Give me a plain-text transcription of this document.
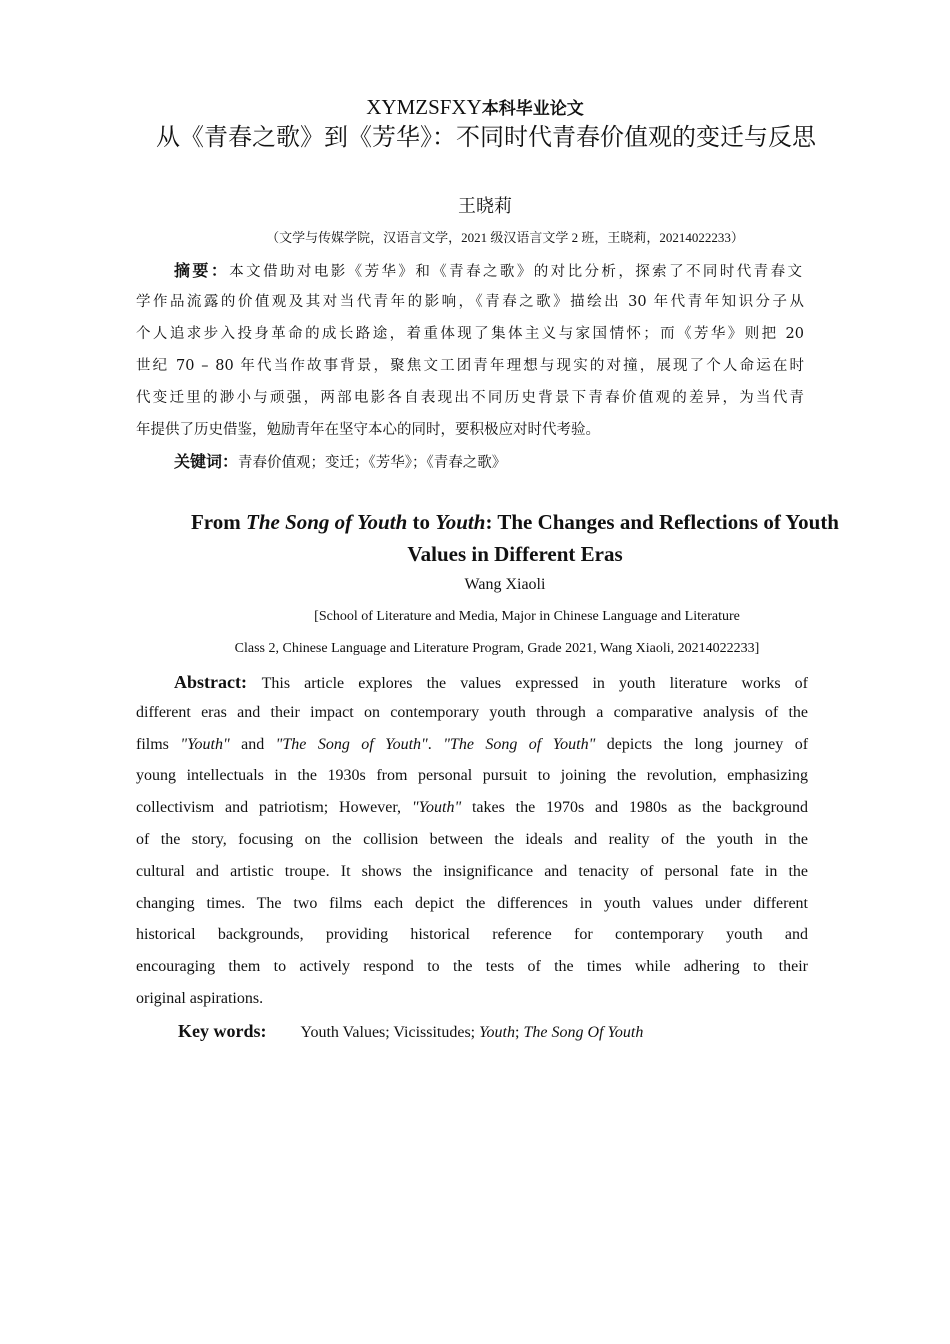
XYMZSFXY本科毕业论文
从《青春之歌》到《芳华》：不同时代青春价值观的变迁与反思
王晓莉
（文学与传媒学院，汉语言文学，2021 级汉语言文学 2 班，王晓莉，20214022233）
摘要：本文借助对电影《芳华》和《青春之歌》的对比分析，探索了不同时代青春文
学作品流露的价值观及其对当代青年的影响，《青春之歌》描绘出 30 年代青年知识分子从
个人追求步入投身革命的成长路途，着重体现了集体主义与家国情怀；而《芳华》则把 20
世纪 70 – 80 年代当作故事背景，聚焦文工团青年理想与现实的对撞，展现了个人命运在时
代变迁里的渺小与顽强，两部电影各自表现出不同历史背景下青春价值观的差异，为当代青
年提供了历史借鉴，勉励青年在坚守本心的同时，要积极应对时代考验。
关键词：青春价值观；变迁；《芳华》；《青春之歌》
From The Song of Youth to Youth: The Changes and Reflections of Youth Values in Different Eras
Wang Xiaoli
[School of Literature and Media, Major in Chinese Language and Literature
Class 2, Chinese Language and Literature Program, Grade 2021, Wang Xiaoli, 20214022233]
Abstract: This article explores the values expressed in youth literature works of
different eras and their impact on contemporary youth through a comparative analysis of the
films "Youth" and "The Song of Youth". "The Song of Youth" depicts the long journey of
young intellectuals in the 1930s from personal pursuit to joining the revolution, emphasizing
collectivism and patriotism; However, "Youth" takes the 1970s and 1980s as the background
of the story, focusing on the collision between the ideals and reality of the youth in the
cultural and artistic troupe. It shows the insignificance and tenacity of personal fate in the
changing times. The two films each depict the differences in youth values under different
historical backgrounds, providing historical reference for contemporary youth and
encouraging them to actively respond to the tests of the times while adhering to their
original aspirations.
Key words: Youth Values; Vicissitudes; Youth; The Song Of Youth
